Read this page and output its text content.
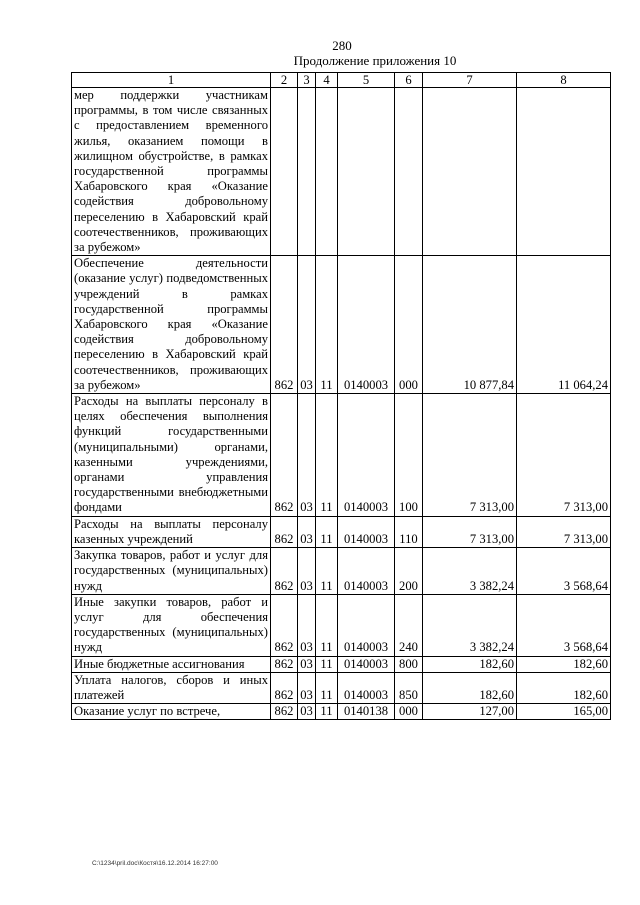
280
Продолжение приложения 10
1	2	3	4	5	6	7	8
мер поддержки участникам программы, в том числе связанных с предоставлением временного жилья, оказанием помощи в жилищном обустройстве, в рамках государственной программы Хабаровского края «Оказание содействия добровольному переселению в Хабаровский край соотечественников, проживающих за рубежом»							
Обеспечение деятельности (оказание услуг) подведомственных учреждений в рамках государственной программы Хабаровского края «Оказание содействия добровольному переселению в Хабаровский край соотечественников, проживающих за рубежом»	862	03	11	0140003	000	10 877,84	11 064,24
Расходы на выплаты персоналу в целях обеспечения выполнения функций государственными (муниципальными) органами, казенными учреждениями, органами управления государственными внебюджетными фондами	862	03	11	0140003	100	7 313,00	7 313,00
Расходы на выплаты персоналу казенных учреждений	862	03	11	0140003	110	7 313,00	7 313,00
Закупка товаров, работ и услуг для государственных (муниципальных) нужд	862	03	11	0140003	200	3 382,24	3 568,64
Иные закупки товаров, работ и услуг для обеспечения государственных (муниципальных) нужд	862	03	11	0140003	240	3 382,24	3 568,64
Иные бюджетные ассигнования	862	03	11	0140003	800	182,60	182,60
Уплата налогов, сборов и иных платежей	862	03	11	0140003	850	182,60	182,60
Оказание услуг по встрече,	862	03	11	0140138	000	127,00	165,00
C:\1234\pril.doc\Костя\16.12.2014 16:27:00
